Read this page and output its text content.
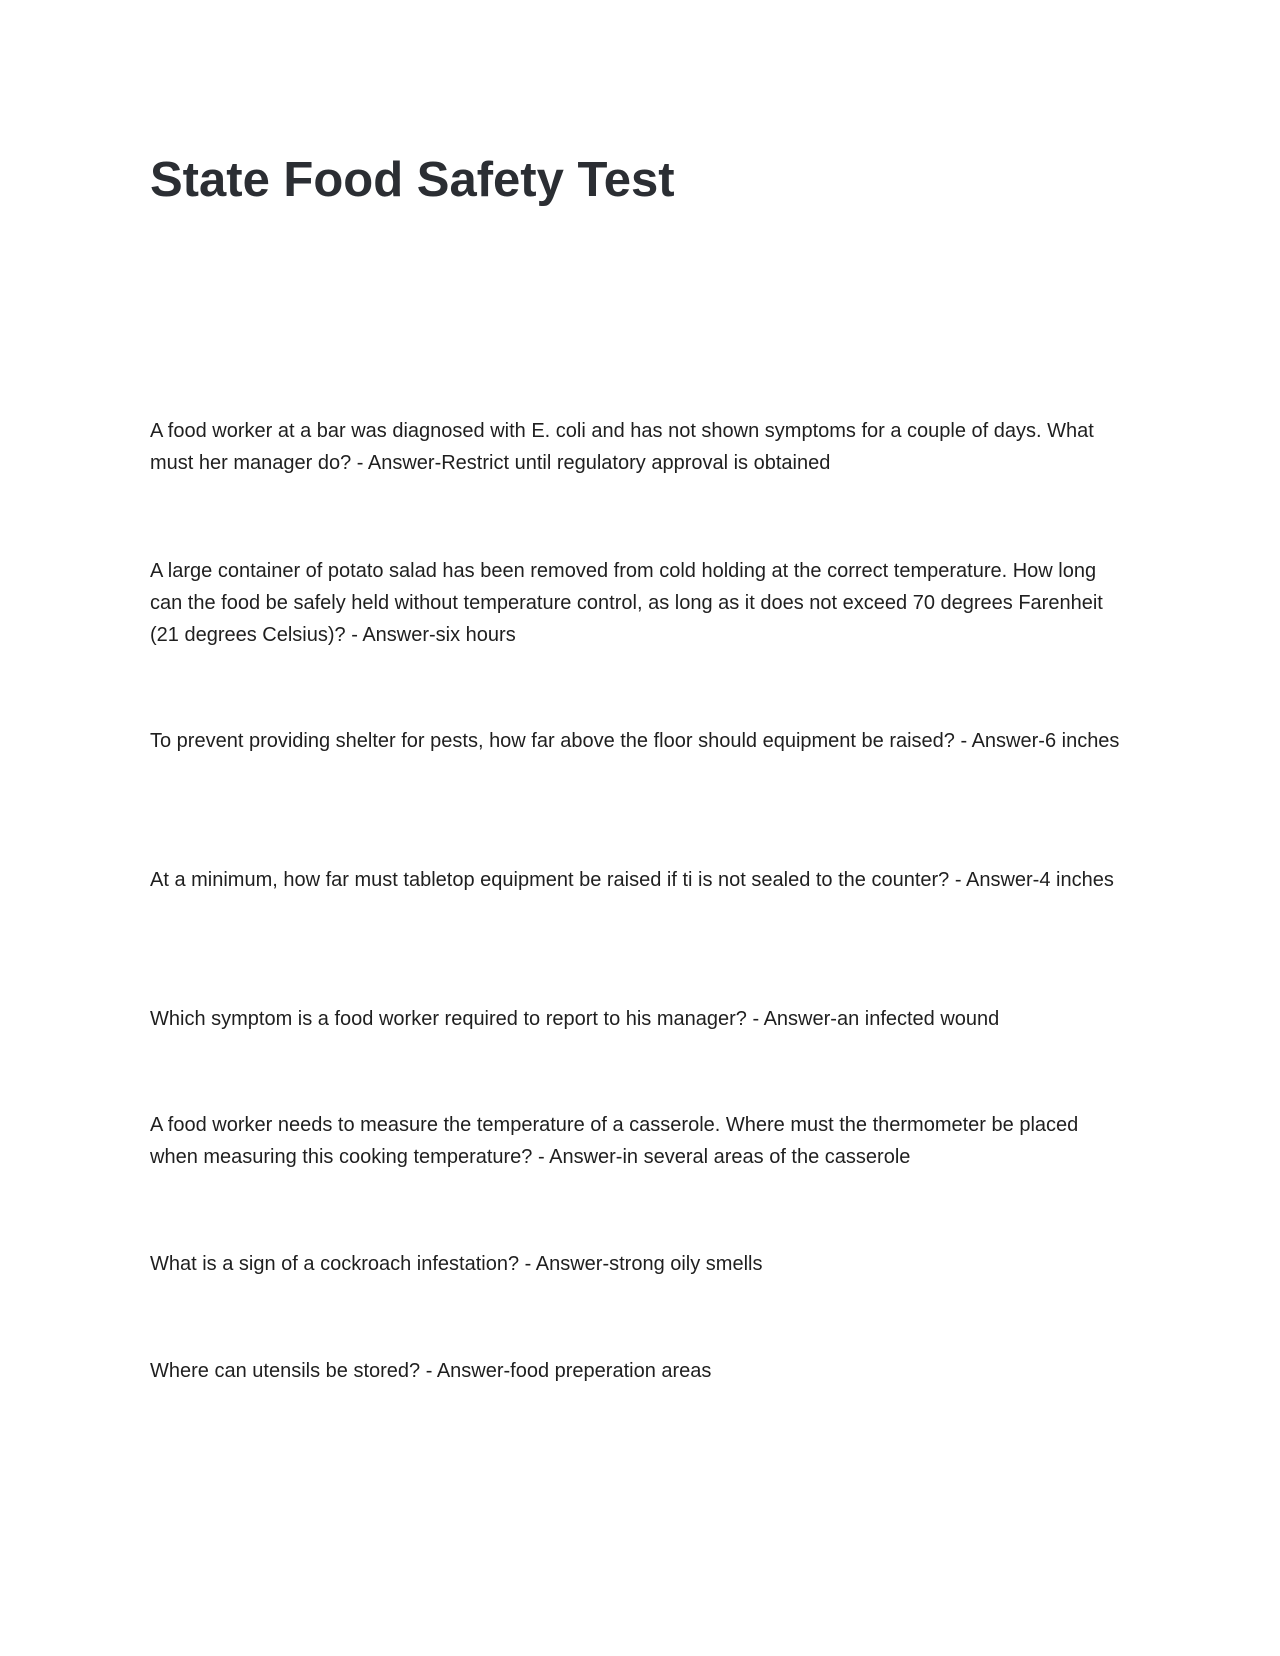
State Food Safety Test

A food worker at a bar was diagnosed with E. coli and has not shown symptoms for a couple of days. What must her manager do? - Answer-Restrict until regulatory approval is obtained

A large container of potato salad has been removed from cold holding at the correct temperature. How long can the food be safely held without temperature control, as long as it does not exceed 70 degrees Farenheit (21 degrees Celsius)? - Answer-six hours

To prevent providing shelter for pests, how far above the floor should equipment be raised? - Answer-6 inches

At a minimum, how far must tabletop equipment be raised if ti is not sealed to the counter? - Answer-4 inches

Which symptom is a food worker required to report to his manager? - Answer-an infected wound

A food worker needs to measure the temperature of a casserole. Where must the thermometer be placed when measuring this cooking temperature? - Answer-in several areas of the casserole

What is a sign of a cockroach infestation? - Answer-strong oily smells

Where can utensils be stored? - Answer-food preperation areas
